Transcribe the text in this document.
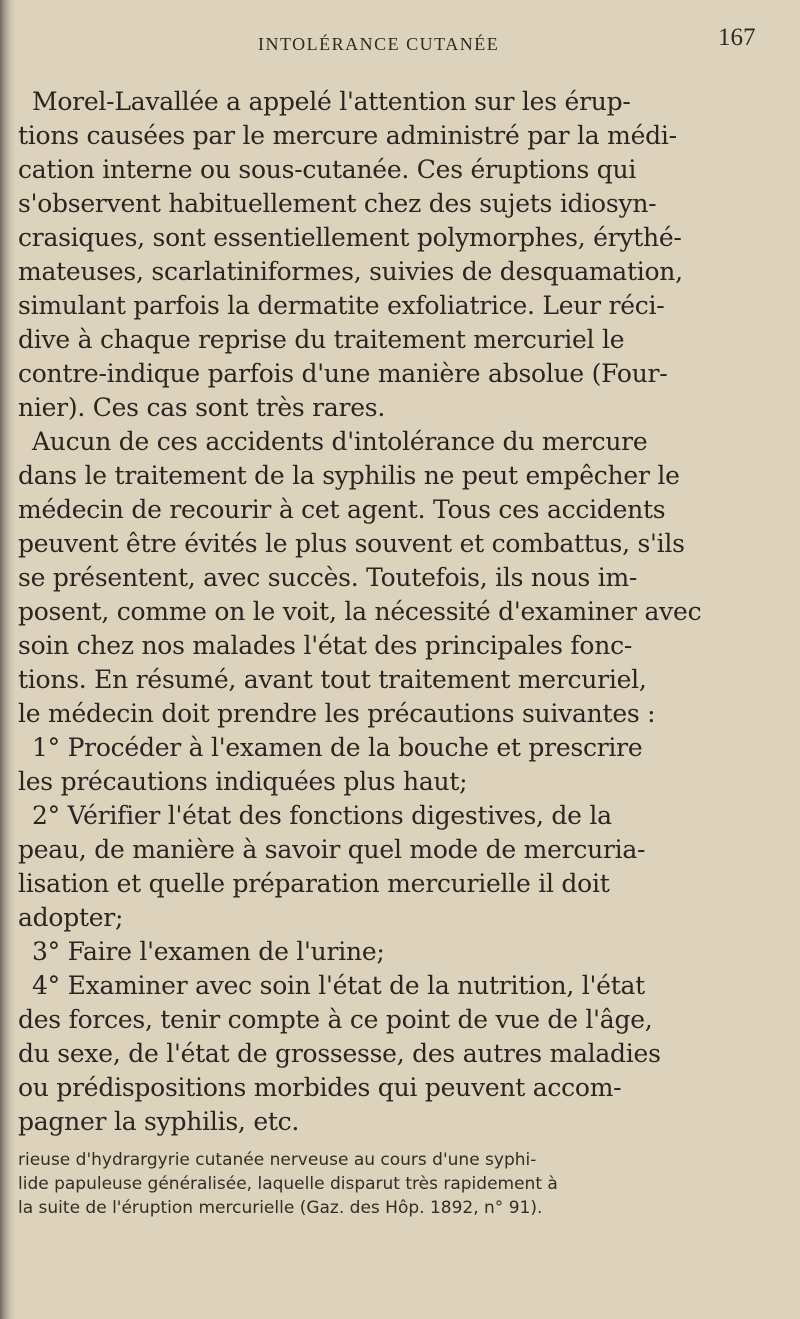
INTOLÉRANCE CUTANÉE	167
Morel-Lavallée a appelé l'attention sur les érup-
tions causées par le mercure administré par la médi-
cation interne ou sous-cutanée. Ces éruptions qui
s'observent habituellement chez des sujets idiosyn-
crasiques, sont essentiellement polymorphes, érythé-
mateuses, scarlatiniformes, suivies de desquamation,
simulant parfois la dermatite exfoliatrice. Leur réci-
dive à chaque reprise du traitement mercuriel le
contre-indique parfois d'une manière absolue (Four-
nier). Ces cas sont très rares.
Aucun de ces accidents d'intolérance du mercure
dans le traitement de la syphilis ne peut empêcher le
médecin de recourir à cet agent. Tous ces accidents
peuvent être évités le plus souvent et combattus, s'ils
se présentent, avec succès. Toutefois, ils nous im-
posent, comme on le voit, la nécessité d'examiner avec
soin chez nos malades l'état des principales fonc-
tions. En résumé, avant tout traitement mercuriel,
le médecin doit prendre les précautions suivantes :
1° Procéder à l'examen de la bouche et prescrire
les précautions indiquées plus haut;
2° Vérifier l'état des fonctions digestives, de la
peau, de manière à savoir quel mode de mercuria-
lisation et quelle préparation mercurielle il doit
adopter;
3° Faire l'examen de l'urine;
4° Examiner avec soin l'état de la nutrition, l'état
des forces, tenir compte à ce point de vue de l'âge,
du sexe, de l'état de grossesse, des autres maladies
ou prédispositions morbides qui peuvent accom-
pagner la syphilis, etc.
rieuse d'hydrargyrie cutanée nerveuse au cours d'une syphi-
lide papuleuse généralisée, laquelle disparut très rapidement à
la suite de l'éruption mercurielle (Gaz. des Hôp. 1892, n° 91).
